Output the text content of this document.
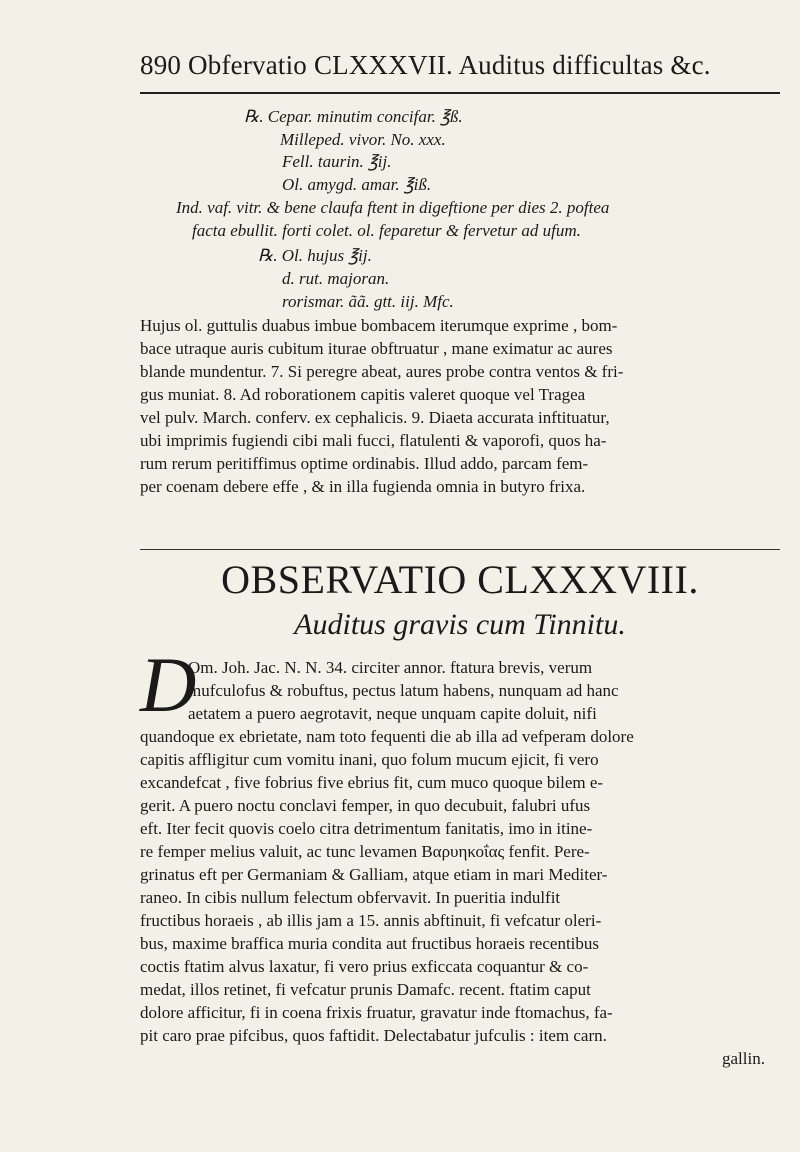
890 Obfervatio CLXXXVII. Auditus difficultas &c.
℞. Cepar. minutim concifar. ℥ß.
Milleped. vivor. No. xxx.
Fell. taurin. ℥ij.
Ol. amygd. amar. ℥iß.
Ind. vaf. vitr. & bene claufa ftent in digeftione per dies 2. poftea
facta ebullit. forti colet. ol. feparetur & fervetur ad ufum.
℞. Ol. hujus ℥ij.
d. rut. majoran.
rorismar. ãã. gtt. iij. Mfc.
Hujus ol. guttulis duabus imbue bombacem iterumque exprime , bom-
bace utraque auris cubitum iturae obftruatur , mane eximatur ac aures
blande mundentur. 7. Si peregre abeat, aures probe contra ventos & fri-
gus muniat. 8. Ad roborationem capitis valeret quoque vel Tragea
vel pulv. March. conferv. ex cephalicis. 9. Diaeta accurata inftituatur,
ubi imprimis fugiendi cibi mali fucci, flatulenti & vaporofi, quos ha-
rum rerum peritiffimus optime ordinabis. Illud addo, parcam fem-
per coenam debere effe , & in illa fugienda omnia in butyro frixa.
OBSERVATIO CLXXXVIII.
Auditus gravis cum Tinnitu.
D
Om. Joh. Jac. N. N. 34. circiter annor. ftatura brevis, verum
mufculofus & robuftus, pectus latum habens, nunquam ad hanc
aetatem a puero aegrotavit, neque unquam capite doluit, nifi
quandoque ex ebrietate, nam toto fequenti die ab illa ad vefperam dolore
capitis affligitur cum vomitu inani, quo folum mucum ejicit, fi vero
excandefcat , five fobrius five ebrius fit, cum muco quoque bilem e-
gerit. A puero noctu conclavi femper, in quo decubuit, falubri ufus
eft. Iter fecit quovis coelo citra detrimentum fanitatis, imo in itine-
re femper melius valuit, ac tunc levamen Βαρυηκοΐας fenfit. Pere-
grinatus eft per Germaniam & Galliam, atque etiam in mari Mediter-
raneo. In cibis nullum felectum obfervavit. In pueritia indulfit
fructibus horaeis , ab illis jam a 15. annis abftinuit, fi vefcatur oleri-
bus, maxime braffica muria condita aut fructibus horaeis recentibus
coctis ftatim alvus laxatur, fi vero prius exficcata coquantur & co-
medat, illos retinet, fi vefcatur prunis Damafc. recent. ftatim caput
dolore afficitur, fi in coena frixis fruatur, gravatur inde ftomachus, fa-
pit caro prae pifcibus, quos faftidit. Delectabatur jufculis : item carn.
gallin.
